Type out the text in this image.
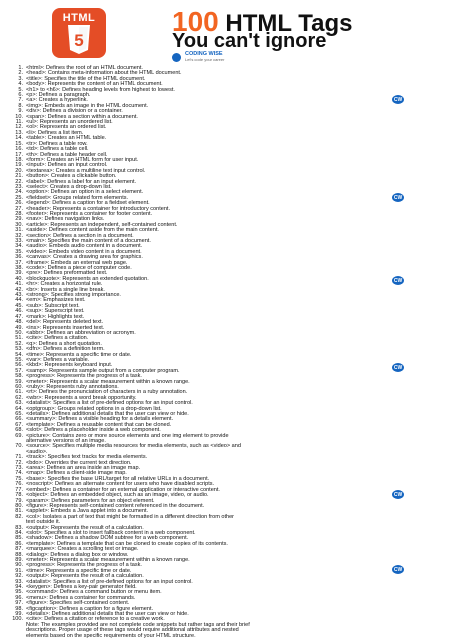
HTML
5
100 HTML Tags
You can't ignore
CODING WISE
Let's code your career
1. <html>: Defines the root of an HTML document.
2. <head>: Contains meta-information about the HTML document.
3. <title>: Specifies the title of the HTML document.
4. <body>: Represents the content of an HTML document.
5. <h1> to <h6>: Defines heading levels from highest to lowest.
6. <p>: Defines a paragraph.
7. <a>: Creates a hyperlink.
8. <img>: Embeds an image in the HTML document.
9. <div>: Defines a division or a container.
10. <span>: Defines a section within a document.
11. <ul>: Represents an unordered list.
12. <ol>: Represents an ordered list.
13. <li>: Defines a list item.
14. <table>: Creates an HTML table.
15. <tr>: Defines a table row.
16. <td>: Defines a table cell.
17. <th>: Defines a table header cell.
18. <form>: Creates an HTML form for user input.
19. <input>: Defines an input control.
20. <textarea>: Creates a multiline text input control.
21. <button>: Creates a clickable button.
22. <label>: Defines a label for an input element.
23. <select>: Creates a drop-down list.
24. <option>: Defines an option in a select element.
25. <fieldset>: Groups related form elements.
26. <legend>: Defines a caption for a fieldset element.
27. <header>: Represents a container for introductory content.
28. <footer>: Represents a container for footer content.
29. <nav>: Defines navigation links.
30. <article>: Represents an independent, self-contained content.
31. <aside>: Defines content aside from the main content.
32. <section>: Defines a section in a document.
33. <main>: Specifies the main content of a document.
34. <audio>: Embeds audio content in a document.
35. <video>: Embeds video content in a document.
36. <canvas>: Creates a drawing area for graphics.
37. <iframe>: Embeds an external web page.
38. <code>: Defines a piece of computer code.
39. <pre>: Defines preformatted text.
40. <blockquote>: Represents an extended quotation.
41. <hr>: Creates a horizontal rule.
42. <br>: Inserts a single line break.
43. <strong>: Specifies strong importance.
44. <em>: Emphasizes text.
45. <sub>: Subscript text.
46. <sup>: Superscript text.
47. <mark>: Highlights text.
48. <del>: Represents deleted text.
49. <ins>: Represents inserted text.
50. <abbr>: Defines an abbreviation or acronym.
51. <cite>: Defines a citation.
52. <q>: Defines a short quotation.
53. <dfn>: Defines a definition term.
54. <time>: Represents a specific time or date.
55. <var>: Defines a variable.
56. <kbd>: Represents keyboard input.
57. <samp>: Represents sample output from a computer program.
58. <progress>: Represents the progress of a task.
59. <meter>: Represents a scalar measurement within a known range.
60. <ruby>: Represents ruby annotations.
61. <rt>: Defines the pronunciation of characters in a ruby annotation.
62. <wbr>: Represents a word break opportunity.
63. <datalist>: Specifies a list of pre-defined options for an input control.
64. <optgroup>: Groups related options in a drop-down list.
65. <details>: Defines additional details that the user can view or hide.
66. <summary>: Defines a visible heading for a details element.
67. <template>: Defines a reusable content that can be cloned.
68. <slot>: Defines a placeholder inside a web component.
69. <picture>: Contains zero or more source elements and one img element to provide
alternative versions of an image.
70. <source>: Specifies multiple media resources for media elements, such as <video> and
<audio>.
71. <track>: Specifies text tracks for media elements.
72. <bdo>: Overrides the current text direction.
73. <area>: Defines an area inside an image map.
74. <map>: Defines a client-side image map.
75. <base>: Specifies the base URL/target for all relative URLs in a document.
76. <noscript>: Defines an alternate content for users who have disabled scripts.
77. <embed>: Defines a container for an external application or interactive content.
78. <object>: Defines an embedded object, such as an image, video, or audio.
79. <param>: Defines parameters for an object element.
80. <figure>: Represents self-contained content referenced in the document.
81. <applet>: Embeds a Java applet into a document.
82. <col>: Isolates a part of text that might be formatted in a different direction from other
text outside it.
83. <output>: Represents the result of a calculation.
84. <slot>: Specifies a slot to insert fallback content in a web component.
85. <shadow>: Defines a shadow DOM subtree for a web component.
86. <template>: Defines a template that can be cloned to create copies of its contents.
87. <marquee>: Creates a scrolling text or image.
88. <dialog>: Defines a dialog box or window.
89. <meter>: Represents a scalar measurement within a known range.
90. <progress>: Represents the progress of a task.
91. <time>: Represents a specific time or date.
92. <output>: Represents the result of a calculation.
93. <datalist>: Specifies a list of pre-defined options for an input control.
94. <keygen>: Defines a key-pair generator field.
95. <command>: Defines a command button or menu item.
96. <menu>: Defines a container for commands.
97. <figure>: Specifies self-contained content.
98. <figcaption>: Defines a caption for a figure element.
99. <details>: Defines additional details that the user can view or hide.
100. <cite>: Defines a citation or reference to a creative work.
Note: The examples provided are not complete code snippets but rather tags and their brief
descriptions. Proper usage of these tags would require additional attributes and nested
elements based on the specific requirements of your HTML structure.
CW
CW
CW
CW
CW
CW
